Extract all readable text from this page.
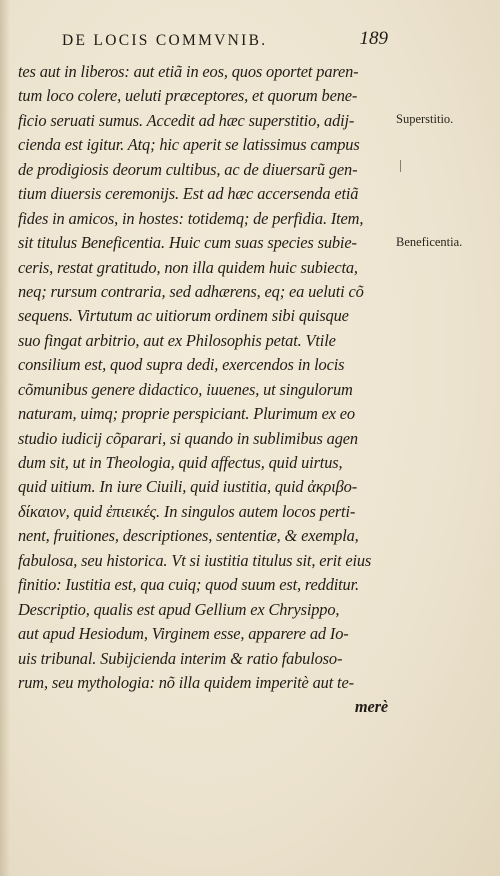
DE LOCIS COMMVNIB.	189
tes aut in liberos: aut etiã in eos, quos oportet paren-
tum loco colere, ueluti præceptores, et quorum bene-
ficio seruati sumus. Accedit ad hæc superstitio, adij-
cienda est igitur. Atq; hic aperit se latissimus campus
de prodigiosis deorum cultibus, ac de diuersarũ gen-
tium diuersis ceremonijs. Est ad hæc accersenda etiã
fides in amicos, in hostes: totidemq; de perfidia. Item,
sit titulus Beneficentia. Huic cum suas species subie-
ceris, restat gratitudo, non illa quidem huic subiecta,
neq; rursum contraria, sed adhærens, eq; ea ueluti cõ
sequens. Virtutum ac uitiorum ordinem sibi quisque
suo fingat arbitrio, aut ex Philosophis petat. Vtile
consilium est, quod supra dedi, exercendos in locis
cõmunibus genere didactico, iuuenes, ut singulorum
naturam, uimq; proprie perspiciant. Plurimum ex eo
studio iudicij cõparari, si quando in sublimibus agen
dum sit, ut in Theologia, quid affectus, quid uirtus,
quid uitium. In iure Ciuili, quid iustitia, quid ἀκριβο-
δίκαιον, quid ἐπιεικές. In singulos autem locos perti-
nent, fruitiones, descriptiones, sententiæ, & exempla,
fabulosa, seu historica. Vt si iustitia titulus sit, erit eius
finitio: Iustitia est, qua cuiq; quod suum est, redditur.
Descriptio, qualis est apud Gellium ex Chrysippo,
aut apud Hesiodum, Virginem esse, apparere ad Io-
uis tribunal. Subijcienda interim & ratio fabuloso-
rum, seu mythologia: nõ illa quidem imperitè aut te-
merè
Superstitio.
Beneficentia.
